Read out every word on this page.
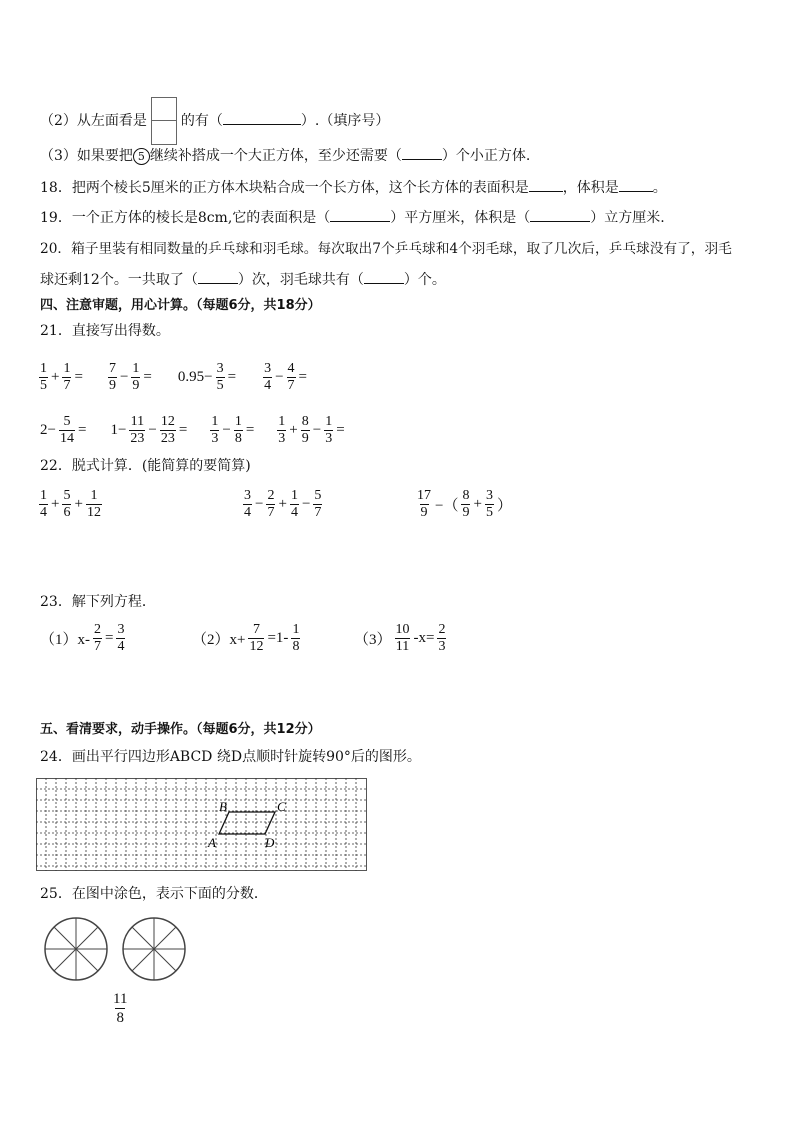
（2）从左面看是 的有（	）.（填序号）
（3）如果要把 5 继续补搭成一个大正方体，至少还需要（	）个小正方体.
18．把两个棱长5厘米的正方体木块粘合成一个长方体，这个长方体的表面积是 ，体积是 。
19．一个正方体的棱长是8cm,它的表面积是（	）平方厘米，体积是（	）立方厘米.
20．箱子里装有相同数量的乒乓球和羽毛球。每次取出7个乒乓球和4个羽毛球，取了几次后，乒乓球没有了，羽毛
球还剩12个。一共取了（	）次，羽毛球共有（	）个。
四、注意审题，用心计算。（每题6分，共18分）
21．直接写出得数。
$\frac{1}{5} + \frac{1}{7} = \frac{7}{9} - \frac{1}{9} = 0.95- \frac{3}{5} = \frac{3}{4} - \frac{4}{7}$ =
$2- \frac{5}{14} = 1- \frac{11}{23} - \frac{12}{23} = \frac{1}{3} - \frac{1}{8} = \frac{1}{3} + \frac{8}{9} - \frac{1}{3}$ =
22．脱式计算．(能简算的要简算)
$\frac{1}{4} + \frac{5}{6} + \frac{1}{12}$	$\frac{3}{4} - \frac{2}{7} + \frac{1}{4} - \frac{5}{7}$	$\frac{17}{9}$ −（ $\frac{8}{9} + \frac{3}{5}$ ）
23．解下列方程．
$(1)x- \frac{2}{7} = \frac{3}{4}$	$(2)x+ \frac{7}{12} =1- \frac{1}{8}$	$(3) \frac{10}{11} -x= \frac{2}{3}$
五、看清要求，动手操作。（每题6分，共12分）
24．画出平行四边形ABCD 绕D点顺时针旋转90°后的图形。
A
B	C
D
25．在图中涂色，表示下面的分数．
$\frac{11}{8}$
